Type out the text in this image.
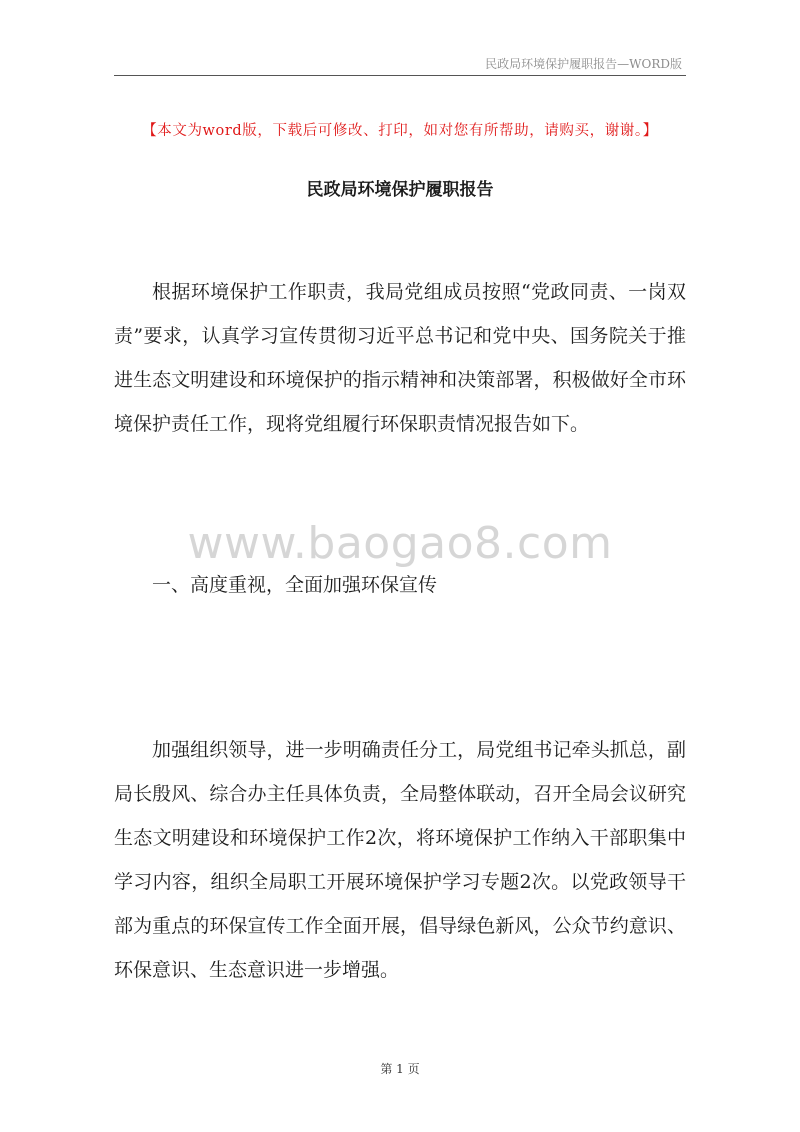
民政局环境保护履职报告—WORD版
【本文为word版，下载后可修改、打印，如对您有所帮助，请购买，谢谢。】
民政局环境保护履职报告
根据环境保护工作职责，我局党组成员按照“党政同责、一岗双责”要求，认真学习宣传贯彻习近平总书记和党中央、国务院关于推进生态文明建设和环境保护的指示精神和决策部署，积极做好全市环境保护责任工作，现将党组履行环保职责情况报告如下。
www.baogao8.com
一、高度重视，全面加强环保宣传
加强组织领导，进一步明确责任分工，局党组书记牵头抓总，副局长殷风、综合办主任具体负责，全局整体联动，召开全局会议研究生态文明建设和环境保护工作2次，将环境保护工作纳入干部职集中学习内容，组织全局职工开展环境保护学习专题2次。以党政领导干部为重点的环保宣传工作全面开展，倡导绿色新风，公众节约意识、环保意识、生态意识进一步增强。
第 1 页
